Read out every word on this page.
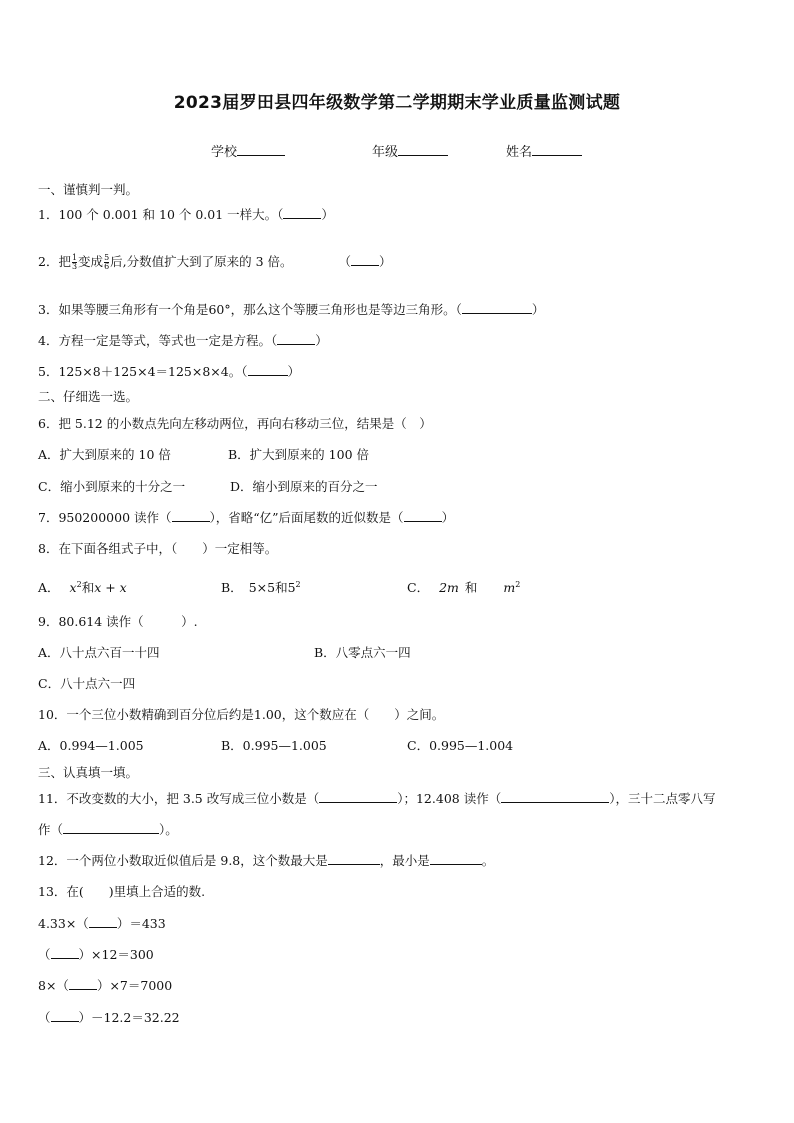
2023届罗田县四年级数学第二学期期末学业质量监测试题
学校	年级	姓名
一、谨慎判一判。
1．100 个 0.001 和 10 个 0.01 一样大。（	）
2．把 $\frac{1}{3}$ 变成 $\frac{5}{6}$ 后,分数值扩大到了原来的 3 倍。	（ ）
3．如果等腰三角形有一个角是60°，那么这个等腰三角形也是等边三角形。（	）
4．方程一定是等式，等式也一定是方程。（	）
5．125×8＋125×4＝125×8×4。（	）
二、仔细选一选。
6．把 5.12 的小数点先向左移动两位，再向右移动三位，结果是（　）
A．扩大到原来的 10 倍	B．扩大到原来的 100 倍
C．缩小到原来的十分之一	D．缩小到原来的百分之一
7．950200000 读作（	），省略“亿”后面尾数的近似数是（	）
8．在下面各组式子中，（　　）一定相等。
A． $x^2$和x + x	B． 5×5和$5^2$	C． 2m 和 $m^2$
9．80.614 读作（　　　）.
A．八十点六百一十四	B．八零点六一四
C．八十点六一四
10．一个三位小数精确到百分位后约是1.00，这个数应在（　　）之间。
A．0.994—1.005	B．0.995—1.005	C．0.995—1.004
三、认真填一填。
11．不改变数的大小，把 3.5 改写成三位小数是（	）；12.408 读作（	），三十二点零八写
作（	）。
12．一个两位小数取近似值后是 9.8，这个数最大是	，最小是	。
13．在(　　)里填上合适的数.
4.33×（ ）＝433
（ ）×12＝300
8×（ ）×7＝7000
（ ）－12.2＝32.22
